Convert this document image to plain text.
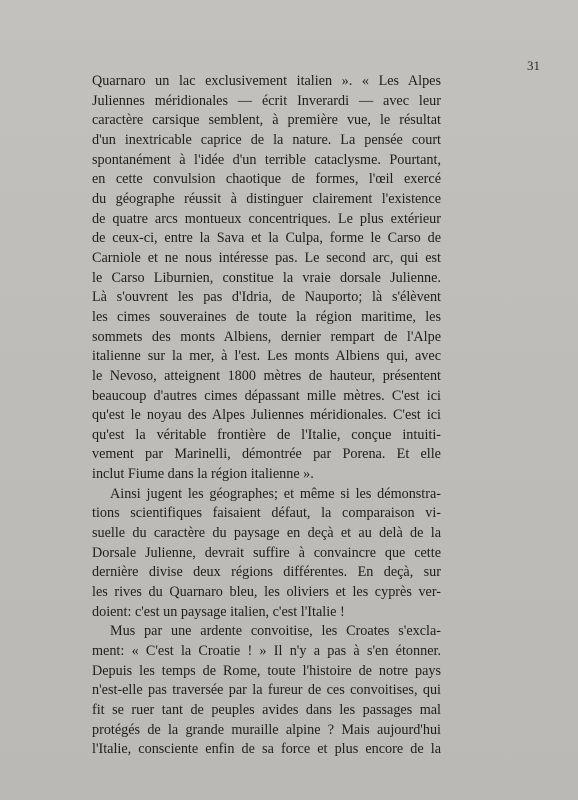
31
Quarnaro un lac exclusivement italien ». « Les Alpes
Juliennes méridionales — écrit Inverardi — avec leur
caractère carsique semblent, à première vue, le résultat
d'un inextricable caprice de la nature. La pensée court
spontanément à l'idée d'un terrible cataclysme. Pourtant,
en cette convulsion chaotique de formes, l'œil exercé
du géographe réussit à distinguer clairement l'existence
de quatre arcs montueux concentriques. Le plus extérieur
de ceux-ci, entre la Sava et la Culpa, forme le Carso de
Carniole et ne nous intéresse pas. Le second arc, qui est
le Carso Liburnien, constitue la vraie dorsale Julienne.
Là s'ouvrent les pas d'Idria, de Nauporto; là s'élèvent
les cimes souveraines de toute la région maritime, les
sommets des monts Albiens, dernier rempart de l'Alpe
italienne sur la mer, à l'est. Les monts Albiens qui, avec
le Nevoso, atteignent 1800 mètres de hauteur, présentent
beaucoup d'autres cimes dépassant mille mètres. C'est ici
qu'est le noyau des Alpes Juliennes méridionales. C'est ici
qu'est la véritable frontière de l'Italie, conçue intuiti-
vement par Marinelli, démontrée par Porena. Et elle
inclut Fiume dans la région italienne ».
Ainsi jugent les géographes; et même si les démonstra-
tions scientifiques faisaient défaut, la comparaison vi-
suelle du caractère du paysage en deçà et au delà de la
Dorsale Julienne, devrait suffire à convaincre que cette
dernière divise deux régions différentes. En deçà, sur
les rives du Quarnaro bleu, les oliviers et les cyprès ver-
doient: c'est un paysage italien, c'est l'Italie !
Mus par une ardente convoitise, les Croates s'excla-
ment: « C'est la Croatie ! » Il n'y a pas à s'en étonner.
Depuis les temps de Rome, toute l'histoire de notre pays
n'est-elle pas traversée par la fureur de ces convoitises, qui
fit se ruer tant de peuples avides dans les passages mal
protégés de la grande muraille alpine ? Mais aujourd'hui
l'Italie, consciente enfin de sa force et plus encore de la
